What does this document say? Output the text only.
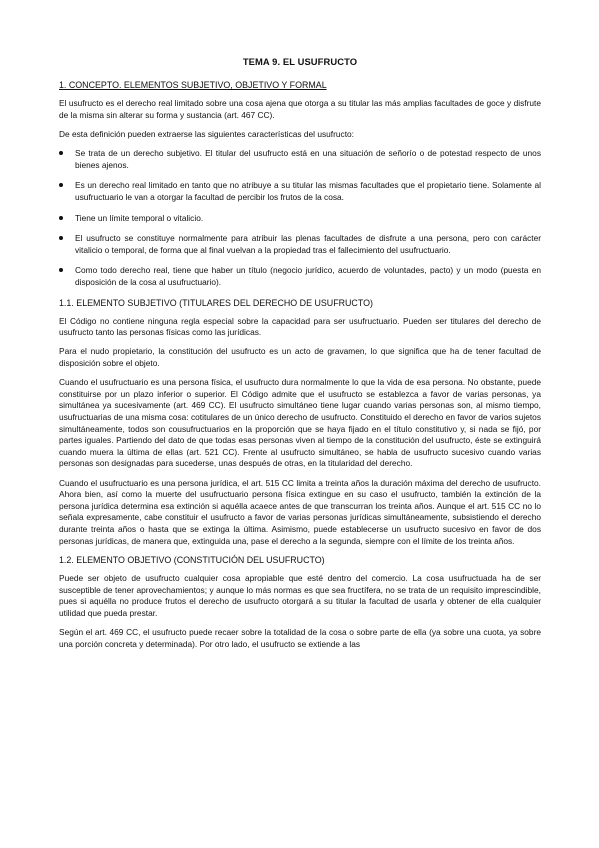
TEMA 9. EL USUFRUCTO
1. CONCEPTO. ELEMENTOS SUBJETIVO, OBJETIVO Y FORMAL

El usufructo es el derecho real limitado sobre una cosa ajena que otorga a su titular las más amplias facultades de goce y disfrute de la misma sin alterar su forma y sustancia (art. 467 CC).

De esta definición pueden extraerse las siguientes características del usufructo:

Se trata de un derecho subjetivo. El titular del usufructo está en una situación de señorío o de potestad respecto de unos bienes ajenos.
Es un derecho real limitado en tanto que no atribuye a su titular las mismas facultades que el propietario tiene. Solamente al usufructuario le van a otorgar la facultad de percibir los frutos de la cosa.
Tiene un límite temporal o vitalicio.
El usufructo se constituye normalmente para atribuir las plenas facultades de disfrute a una persona, pero con carácter vitalicio o temporal, de forma que al final vuelvan a la propiedad tras el fallecimiento del usufructuario.
Como todo derecho real, tiene que haber un título (negocio jurídico, acuerdo de voluntades, pacto) y un modo (puesta en disposición de la cosa al usufructuario).
1.1. ELEMENTO SUBJETIVO (TITULARES DEL DERECHO DE USUFRUCTO)

El Código no contiene ninguna regla especial sobre la capacidad para ser usufructuario. Pueden ser titulares del derecho de usufructo tanto las personas físicas como las jurídicas.

Para el nudo propietario, la constitución del usufructo es un acto de gravamen, lo que significa que ha de tener facultad de disposición sobre el objeto.

Cuando el usufructuario es una persona física, el usufructo dura normalmente lo que la vida de esa persona. No obstante, puede constituirse por un plazo inferior o superior. El Código admite que el usufructo se establezca a favor de varias personas, ya simultánea ya sucesivamente (art. 469 CC). El usufructo simultáneo tiene lugar cuando varias personas son, al mismo tiempo, usufructuarias de una misma cosa: cotitulares de un único derecho de usufructo. Constituido el derecho en favor de varios sujetos simultáneamente, todos son cousufructuarios en la proporción que se haya fijado en el título constitutivo y, si nada se fijó, por partes iguales. Partiendo del dato de que todas esas personas viven al tiempo de la constitución del usufructo, éste se extinguirá cuando muera la última de ellas (art. 521 CC). Frente al usufructo simultáneo, se habla de usufructo sucesivo cuando varias personas son designadas para sucederse, unas después de otras, en la titularidad del derecho.

Cuando el usufructuario es una persona jurídica, el art. 515 CC limita a treinta años la duración máxima del derecho de usufructo. Ahora bien, así como la muerte del usufructuario persona física extingue en su caso el usufructo, también la extinción de la persona jurídica determina esa extinción si aquélla acaece antes de que transcurran los treinta años. Aunque el art. 515 CC no lo señala expresamente, cabe constituir el usufructo a favor de varias personas jurídicas simultáneamente, subsistiendo el derecho durante treinta años o hasta que se extinga la última. Asimismo, puede establecerse un usufructo sucesivo en favor de dos personas jurídicas, de manera que, extinguida una, pase el derecho a la segunda, siempre con el límite de los treinta años.

1.2. ELEMENTO OBJETIVO (CONSTITUCIÓN DEL USUFRUCTO)

Puede ser objeto de usufructo cualquier cosa apropiable que esté dentro del comercio. La cosa usufructuada ha de ser susceptible de tener aprovechamientos; y aunque lo más normas es que sea fructífera, no se trata de un requisito imprescindible, pues si aquélla no produce frutos el derecho de usufructo otorgará a su titular la facultad de usarla y obtener de ella cualquier utilidad que pueda prestar.

Según el art. 469 CC, el usufructo puede recaer sobre la totalidad de la cosa o sobre parte de ella (ya sobre una cuota, ya sobre una porción concreta y determinada). Por otro lado, el usufructo se extiende a las
